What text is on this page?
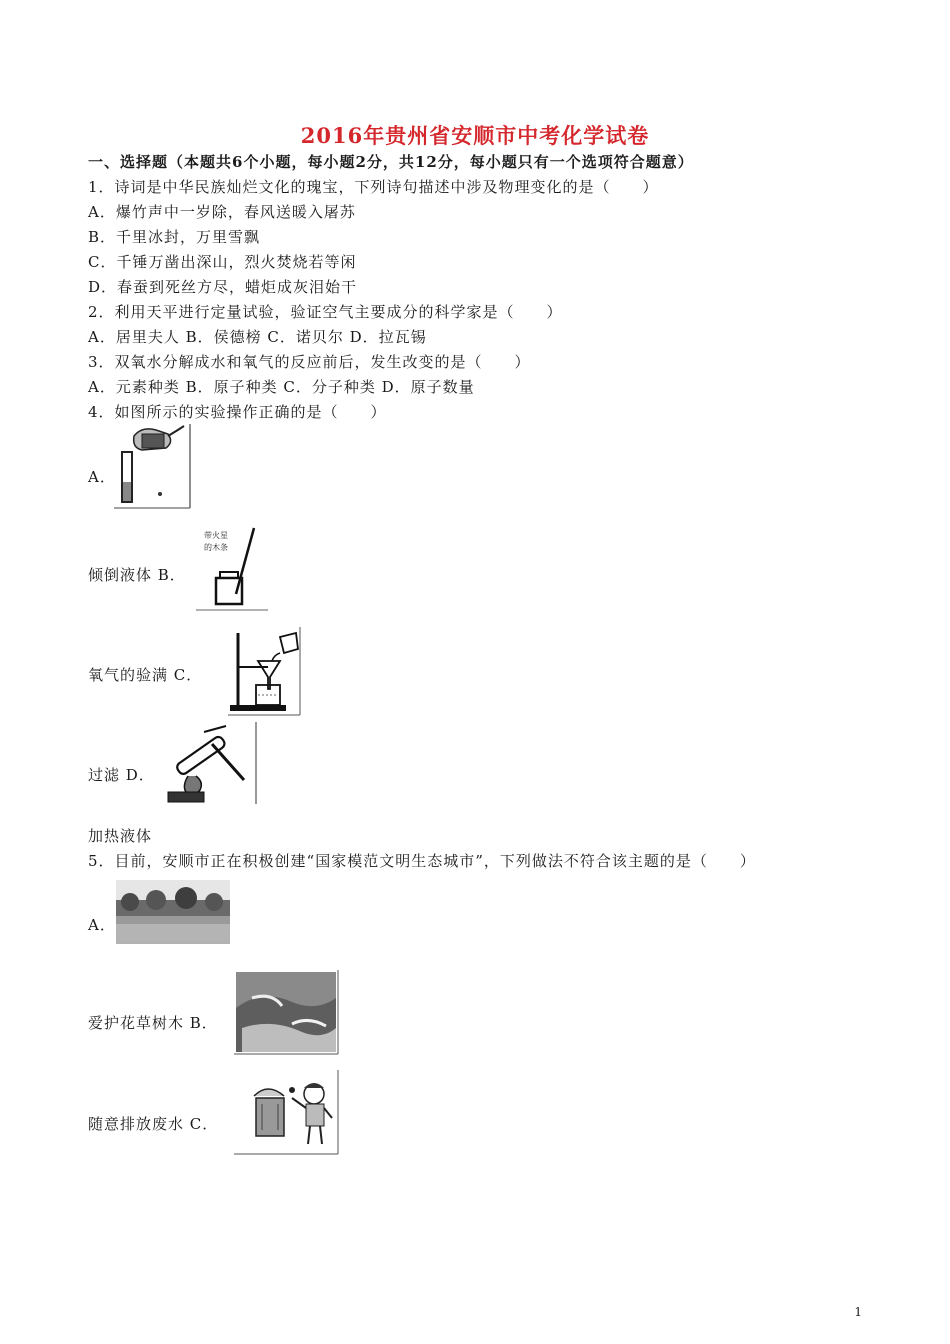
2016年贵州省安顺市中考化学试卷
一、选择题（本题共6个小题，每小题2分，共12分，每小题只有一个选项符合题意）
1．诗词是中华民族灿烂文化的瑰宝，下列诗句描述中涉及物理变化的是（　　）
A．爆竹声中一岁除，春风送暖入屠苏
B．千里冰封，万里雪飘
C．千锤万凿出深山，烈火焚烧若等闲
D．春蚕到死丝方尽，蜡炬成灰泪始干
2．利用天平进行定量试验，验证空气主要成分的科学家是（　　）
A．居里夫人 B．侯德榜 C．诺贝尔 D．拉瓦锡
3．双氧水分解成水和氧气的反应前后，发生改变的是（　　）
A．元素种类 B．原子种类 C．分子种类 D．原子数量
4．如图所示的实验操作正确的是（　　）
A．
倾倒液体 B．
带火星
的木条
氧气的验满 C．
过滤 D．
加热液体
5．目前，安顺市正在积极创建“国家模范文明生态城市”，下列做法不符合该主题的是（　　）
A．
爱护花草树木 B．
随意排放废水 C．
1
